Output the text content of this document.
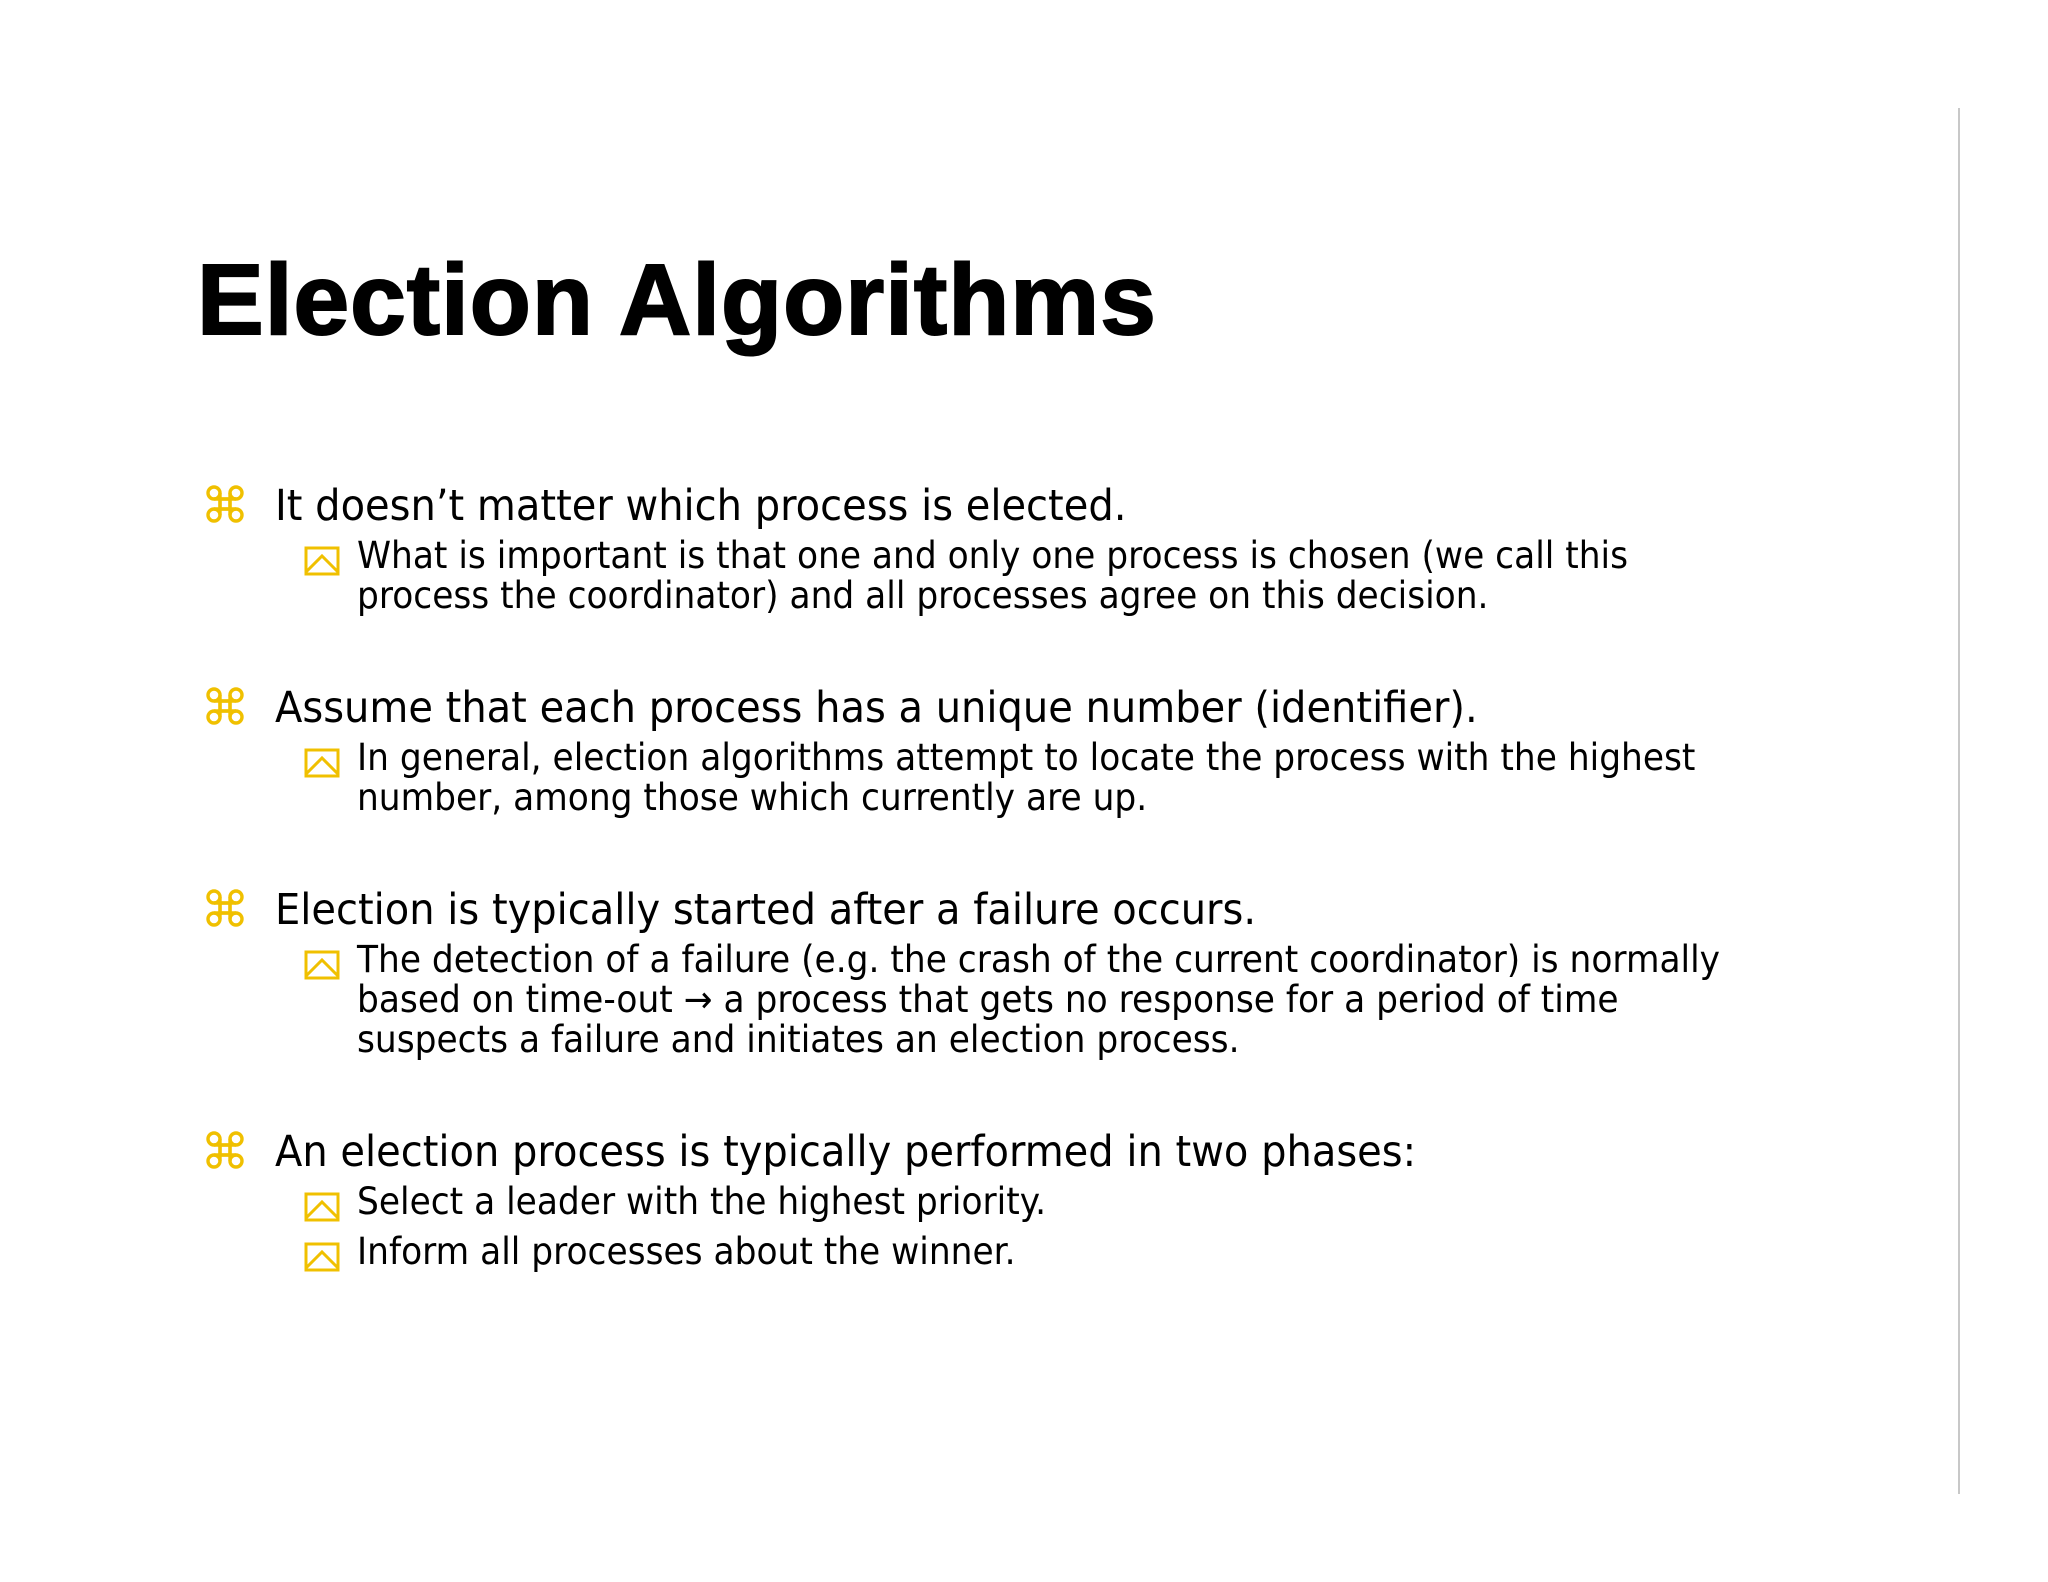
Election Algorithms
It doesn’t matter which process is elected.
What is important is that one and only one process is chosen (we call this
process the coordinator) and all processes agree on this decision.
Assume that each process has a unique number (identifier).
In general, election algorithms attempt to locate the process with the highest
number, among those which currently are up.
Election is typically started after a failure occurs.
The detection of a failure (e.g. the crash of the current coordinator) is normally
based on time-out → a process that gets no response for a period of time
suspects a failure and initiates an election process.
An election process is typically performed in two phases:
Select a leader with the highest priority.
Inform all processes about the winner.
